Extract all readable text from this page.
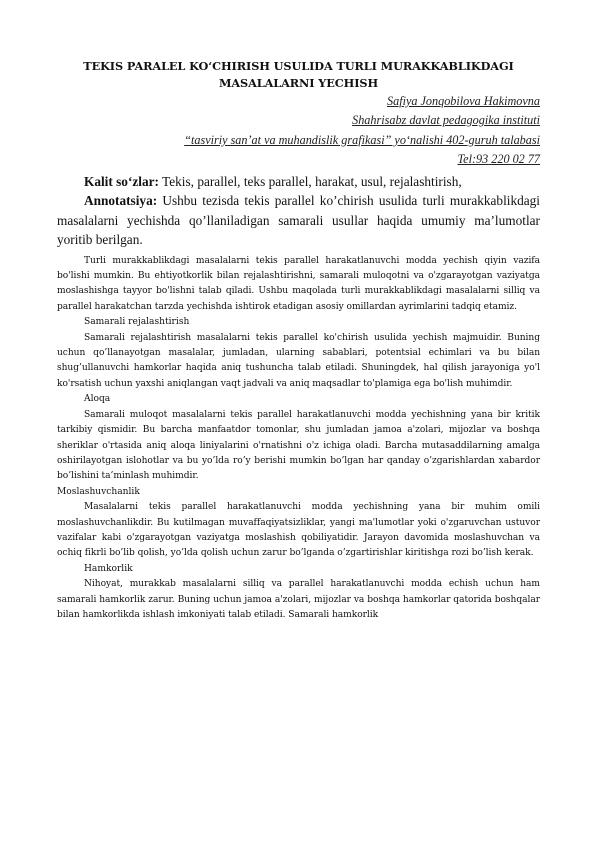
TEKIS PARALEL KO‘CHIRISH USULIDA TURLI MURAKKABLIKDAGI
MASALALARNI YECHISH
Safiya Jonqobilova Hakimovna
Shahrisabz davlat pedagogika instituti
“tasviriy san’at va muhandislik grafikasi” yo‘nalishi 402-guruh talabasi
Tel:93 220 02 77

Kalit so‘zlar: Tekis, parallel, teks parallel, harakat, usul, rejalashtirish,

Annotatsiya: Ushbu tezisda tekis parallel ko’chirish usulida turli murakkablikdagi masalalarni yechishda qo’llaniladigan samarali usullar haqida umumiy ma’lumotlar yoritib berilgan.

Turli murakkablikdagi masalalarni tekis parallel harakatlanuvchi modda yechish qiyin vazifa bo'lishi mumkin. Bu ehtiyotkorlik bilan rejalashtirishni, samarali muloqotni va o'zgarayotgan vaziyatga moslashishga tayyor bo'lishni talab qiladi. Ushbu maqolada turli murakkablikdagi masalalarni silliq va parallel harakatchan tarzda yechishda ishtirok etadigan asosiy omillardan ayrimlarini tadqiq etamiz.

Samarali rejalashtirish

Samarali rejalashtirish masalalarni tekis parallel ko'chirish usulida yechish majmuidir. Buning uchun qo’llanayotgan masalalar, jumladan, ularning sabablari, potentsial echimlari va bu bilan shug’ullanuvchi hamkorlar haqida aniq tushuncha talab etiladi. Shuningdek, hal qilish jarayoniga yo'l ko'rsatish uchun yaxshi aniqlangan vaqt jadvali va aniq maqsadlar to'plamiga ega bo'lish muhimdir.

Aloqa

Samarali muloqot masalalarni tekis parallel harakatlanuvchi modda yechishning yana bir kritik tarkibiy qismidir. Bu barcha manfaatdor tomonlar, shu jumladan jamoa a'zolari, mijozlar va boshqa sheriklar o'rtasida aniq aloqa liniyalarini o'rnatishni o'z ichiga oladi. Barcha mutasaddilarning amalga oshirilayotgan islohotlar va bu yo’lda ro’y berishi mumkin bo’lgan har qanday o’zgarishlardan xabardor bo’lishini ta’minlash muhimdir.

Moslashuvchanlik

Masalalarni tekis parallel harakatlanuvchi modda yechishning yana bir muhim omili moslashuvchanlikdir. Bu kutilmagan muvaffaqiyatsizliklar, yangi ma'lumotlar yoki o'zgaruvchan ustuvor vazifalar kabi o'zgarayotgan vaziyatga moslashish qobiliyatidir. Jarayon davomida moslashuvchan va ochiq fikrli bo’lib qolish, yo’lda qolish uchun zarur bo’lganda o’zgartirishlar kiritishga rozi bo’lish kerak.

Hamkorlik

Nihoyat, murakkab masalalarni silliq va parallel harakatlanuvchi modda echish uchun ham samarali hamkorlik zarur. Buning uchun jamoa a'zolari, mijozlar va boshqa hamkorlar qatorida boshqalar bilan hamkorlikda ishlash imkoniyati talab etiladi. Samarali hamkorlik
